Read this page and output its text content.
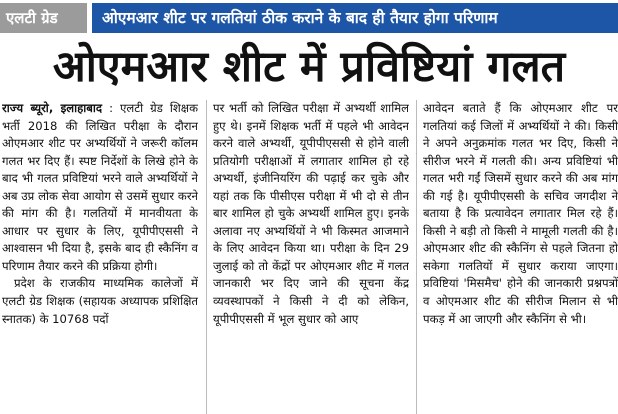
एलटी ग्रेड	ओएमआर शीट पर गलतियां ठीक कराने के बाद ही तैयार होगा परिणाम
ओएमआर शीट में प्रविष्टियां गलत

राज्य ब्यूरो, इलाहाबाद : एलटी ग्रेड शिक्षक भर्ती 2018 की लिखित परीक्षा के दौरान ओएमआर शीट पर अभ्यर्थियों ने जरूरी कॉलम गलत भर दिए हैं। स्पष्ट निर्देशों के लिखे होने के बाद भी गलत प्रविष्टियां भरने वाले अभ्यर्थियों ने अब उप्र लोक सेवा आयोग से उसमें सुधार करने की मांग की है। गलतियों में मानवीयता के आधार पर सुधार के लिए, यूपीपीएससी ने आश्वासन भी दिया है, इसके बाद ही स्कैनिंग व परिणाम तैयार करने की प्रक्रिया होगी।

प्रदेश के राजकीय माध्यमिक कालेजों में एलटी ग्रेड शिक्षक (सहायक अध्यापक प्रशिक्षित स्नातक) के 10768 पदों

पर भर्ती को लिखित परीक्षा में अभ्यर्थी शामिल हुए थे। इनमें शिक्षक भर्ती में पहले भी आवेदन करने वाले अभ्यर्थी, यूपीपीएससी से होने वाली प्रतियोगी परीक्षाओं में लगातार शामिल हो रहे अभ्यर्थी, इंजीनियरिंग की पढ़ाई कर चुके और यहां तक कि पीसीएस परीक्षा में भी दो से तीन बार शामिल हो चुके अभ्यर्थी शामिल हुए। इनके अलावा नए अभ्यर्थियों ने भी किस्मत आजमाने के लिए आवेदन किया था। परीक्षा के दिन 29 जुलाई को तो केंद्रों पर ओएमआर शीट में गलत जानकारी भर दिए जाने की सूचना केंद्र व्यवस्थापकों ने किसी ने दी को लेकिन, यूपीपीएससी में भूल सुधार को आए

आवेदन बताते हैं कि ओएमआर शीट पर गलतियां कई जिलों में अभ्यर्थियों ने की। किसी ने अपने अनुक्रमांक गलत भर दिए, किसी ने सीरीज भरने में गलती की। अन्य प्रविष्टियां भी गलत भरी गईं जिसमें सुधार करने की अब मांग की गई है। यूपीपीएससी के सचिव जगदीश ने बताया है कि प्रत्यावेदन लगातार मिल रहे हैं। किसी ने बड़ी तो किसी ने मामूली गलती की है। ओएमआर शीट की स्कैनिंग से पहले जितना हो सकेगा गलतियों में सुधार कराया जाएगा। प्रविष्टियां 'मिसमैच' होने की जानकारी प्रश्नपत्रों व ओएमआर शीट की सीरीज मिलान से भी पकड़ में आ जाएगी और स्कैनिंग से भी।
